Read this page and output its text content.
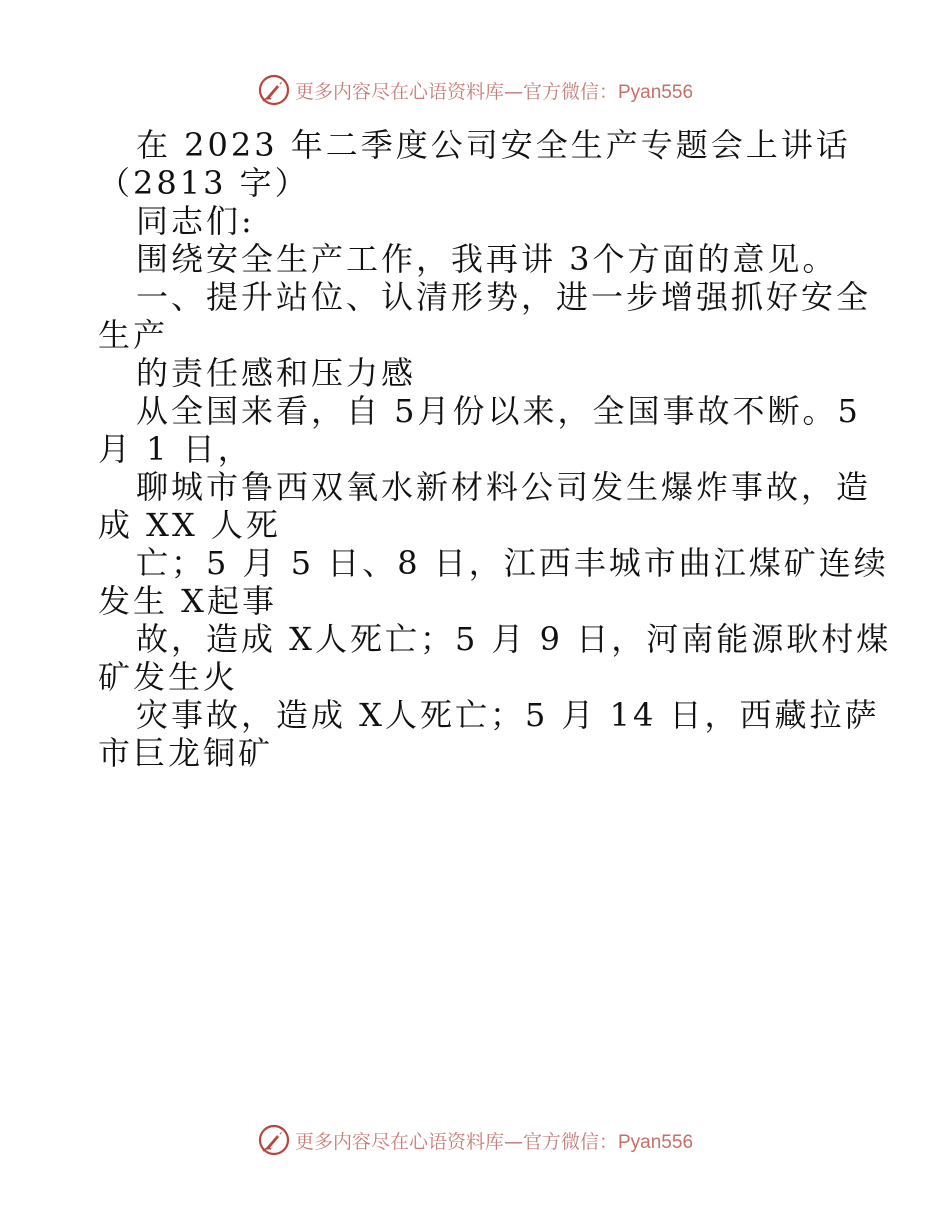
更多内容尽在心语资料库—官方微信：Pyan556
在 2023 年二季度公司安全生产专题会上讲话
（2813 字）
同志们:
围绕安全生产工作，我再讲 3个方面的意见。
一、提升站位、认清形势，进一步增强抓好安全
生产
的责任感和压力感
从全国来看，自 5月份以来，全国事故不断。5
月 1 日，
聊城市鲁西双氧水新材料公司发生爆炸事故，造
成 XX 人死
亡；5 月 5 日、8 日，江西丰城市曲江煤矿连续
发生 X起事
故，造成 X人死亡；5 月 9 日，河南能源耿村煤
矿发生火
灾事故，造成 X人死亡；5 月 14 日，西藏拉萨
市巨龙铜矿
更多内容尽在心语资料库—官方微信：Pyan556
